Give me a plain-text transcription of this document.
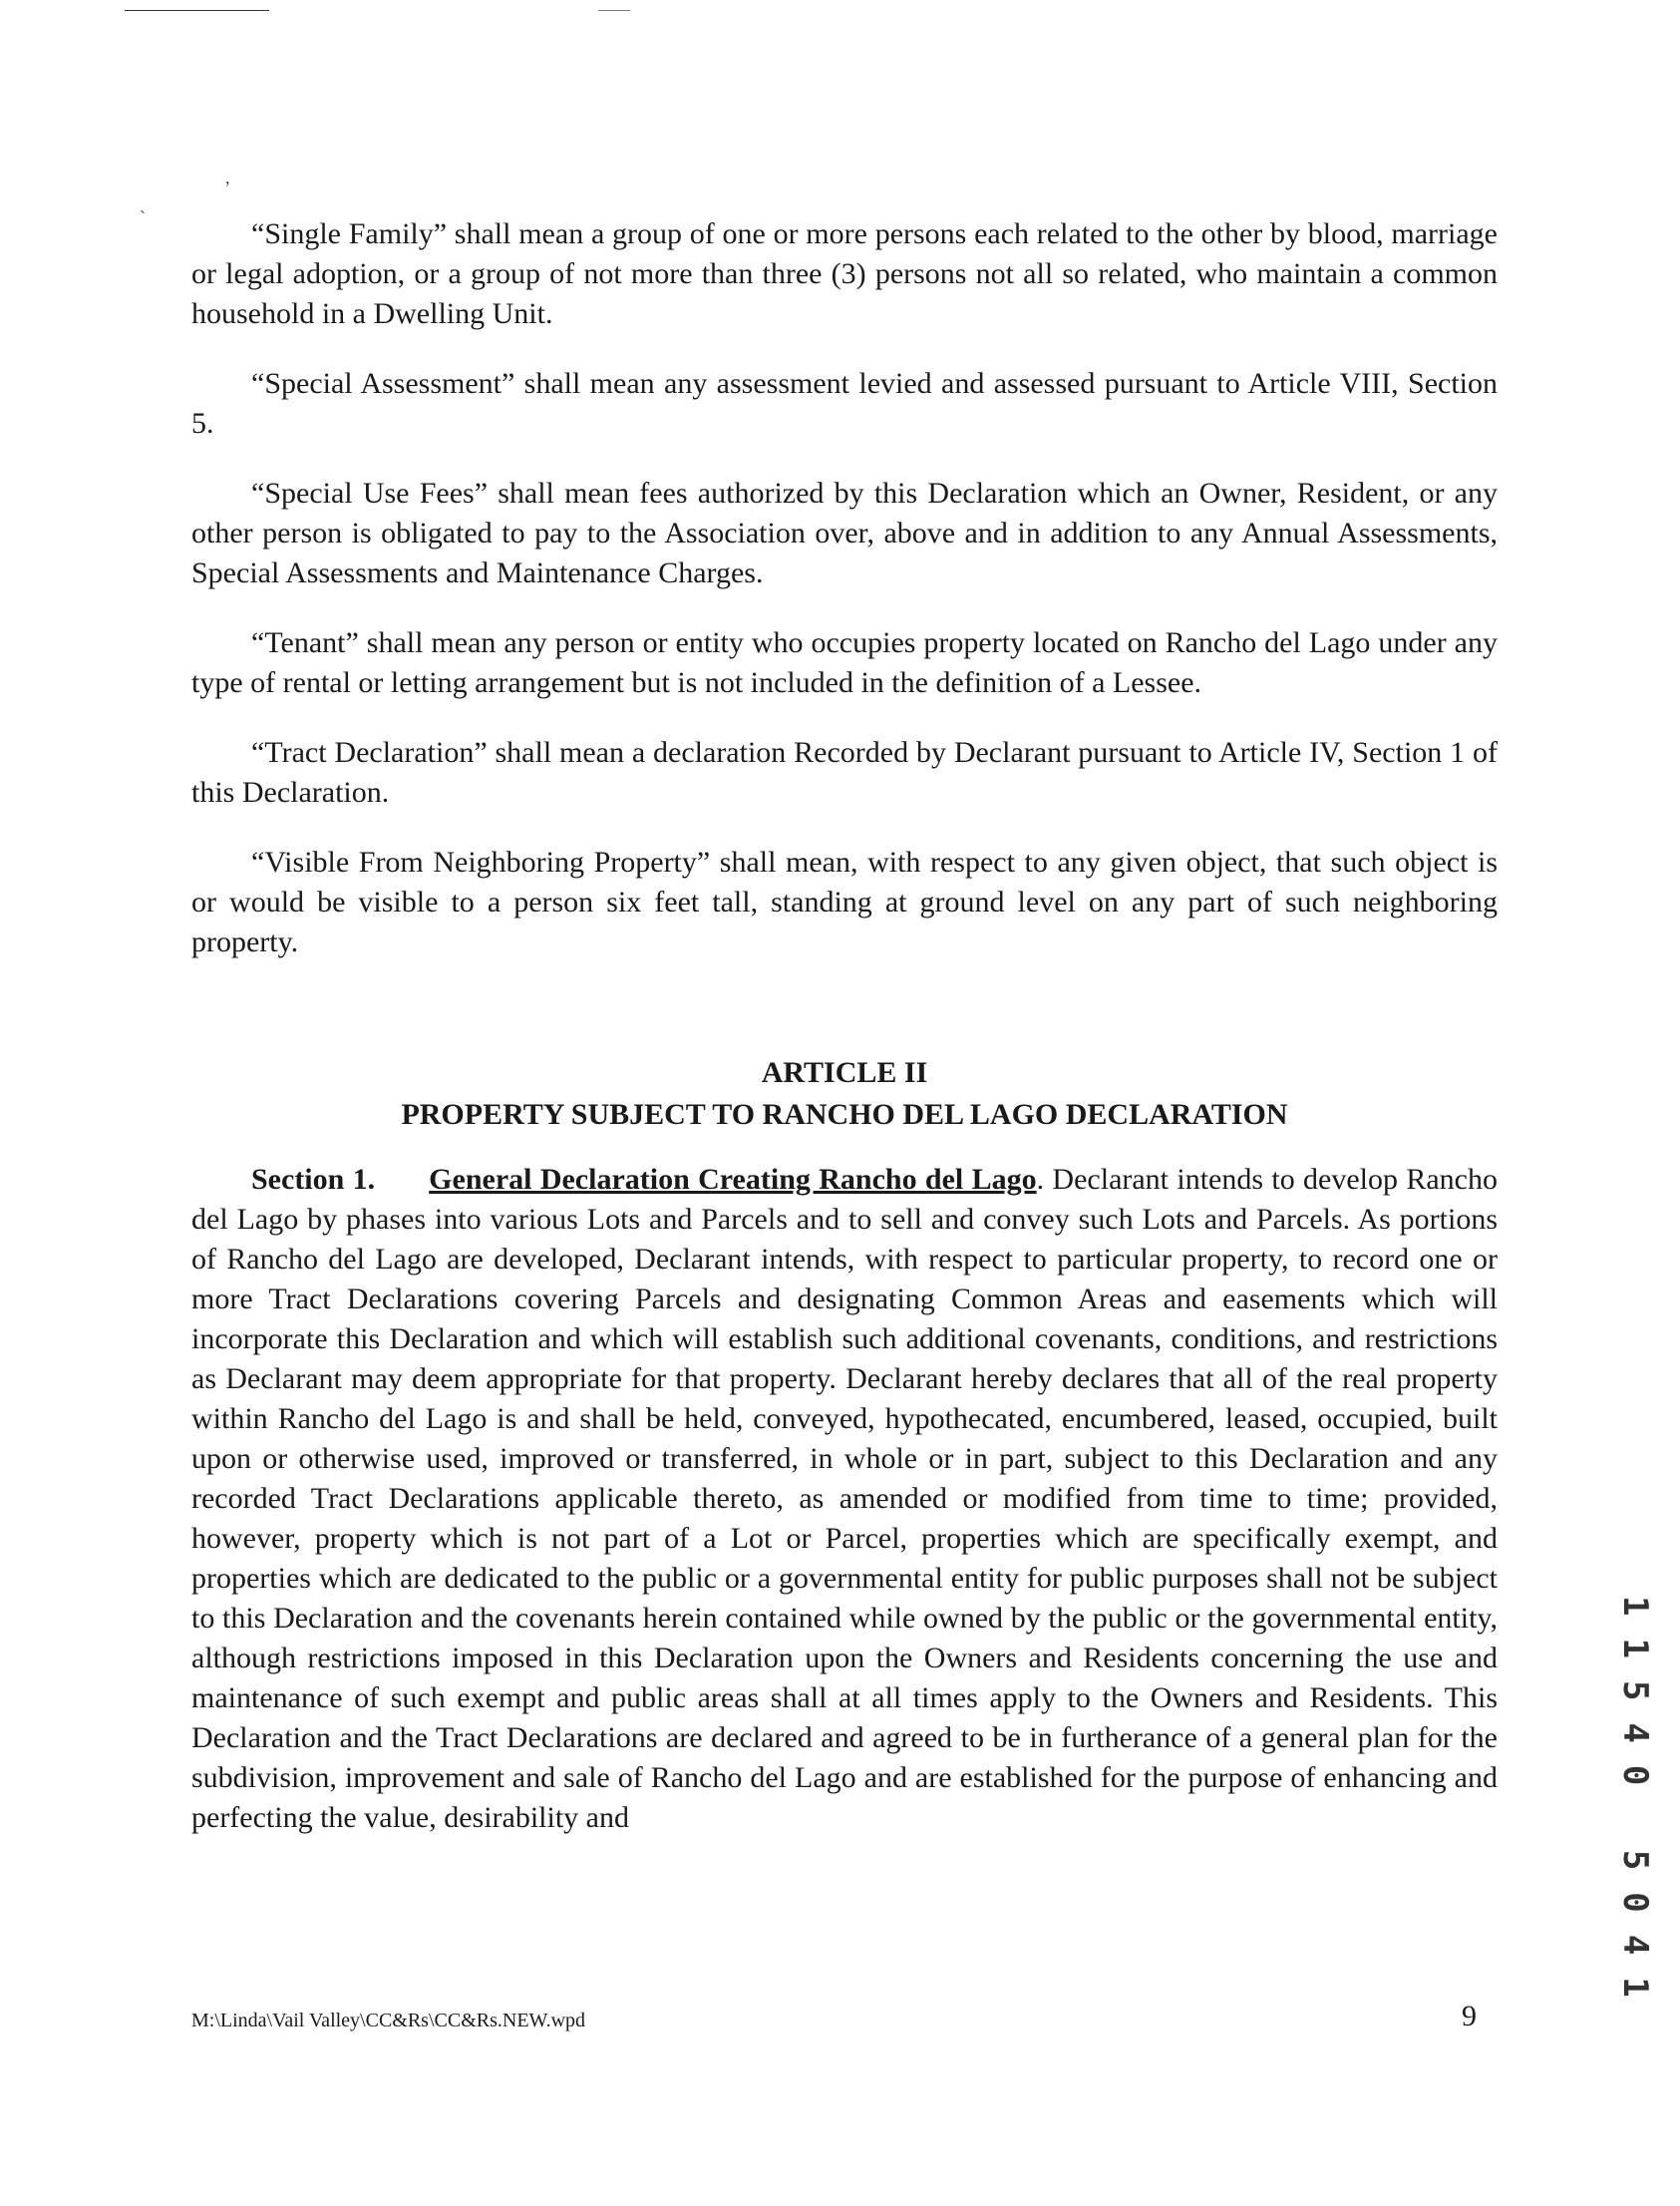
,
`	“Single Family” shall mean a group of one or more persons each related to the other by blood, marriage or legal adoption, or a group of not more than three (3) persons not all so related, who maintain a common household in a Dwelling Unit.

“Special Assessment” shall mean any assessment levied and assessed pursuant to Article VIII, Section 5.

“Special Use Fees” shall mean fees authorized by this Declaration which an Owner, Resident, or any other person is obligated to pay to the Association over, above and in addition to any Annual Assessments, Special Assessments and Maintenance Charges.

“Tenant” shall mean any person or entity who occupies property located on Rancho del Lago under any type of rental or letting arrangement but is not included in the definition of a Lessee.

“Tract Declaration” shall mean a declaration Recorded by Declarant pursuant to Article IV, Section 1 of this Declaration.

“Visible From Neighboring Property” shall mean, with respect to any given object, that such object is or would be visible to a person six feet tall, standing at ground level on any part of such neighboring property.

ARTICLE II
PROPERTY SUBJECT TO RANCHO DEL LAGO DECLARATION

Section 1. General Declaration Creating Rancho del Lago. Declarant intends to develop Rancho del Lago by phases into various Lots and Parcels and to sell and convey such Lots and Parcels. As portions of Rancho del Lago are developed, Declarant intends, with respect to particular property, to record one or more Tract Declarations covering Parcels and designating Common Areas and easements which will incorporate this Declaration and which will establish such additional covenants, conditions, and restrictions as Declarant may deem appropriate for that property. Declarant hereby declares that all of the real property within Rancho del Lago is and shall be held, conveyed, hypothecated, encumbered, leased, occupied, built upon or otherwise used, improved or transferred, in whole or in part, subject to this Declaration and any recorded Tract Declarations applicable thereto, as amended or modified from time to time; provided, however, property which is not part of a Lot or Parcel, properties which are specifically exempt, and properties which are dedicated to the public or a governmental entity for public purposes shall not be subject to this Declaration and the covenants herein contained while owned by the public or the governmental entity, although restrictions imposed in this Declaration upon the Owners and Residents concerning the use and maintenance of such exempt and public areas shall at all times apply to the Owners and Residents. This Declaration and the Tract Declarations are declared and agreed to be in furtherance of a general plan for the subdivision, improvement and sale of Rancho del Lago and are established for the purpose of enhancing and perfecting the value, desirability and	11540 5041
M:\Linda\Vail Valley\CC&Rs\CC&Rs.NEW.wpd	9
